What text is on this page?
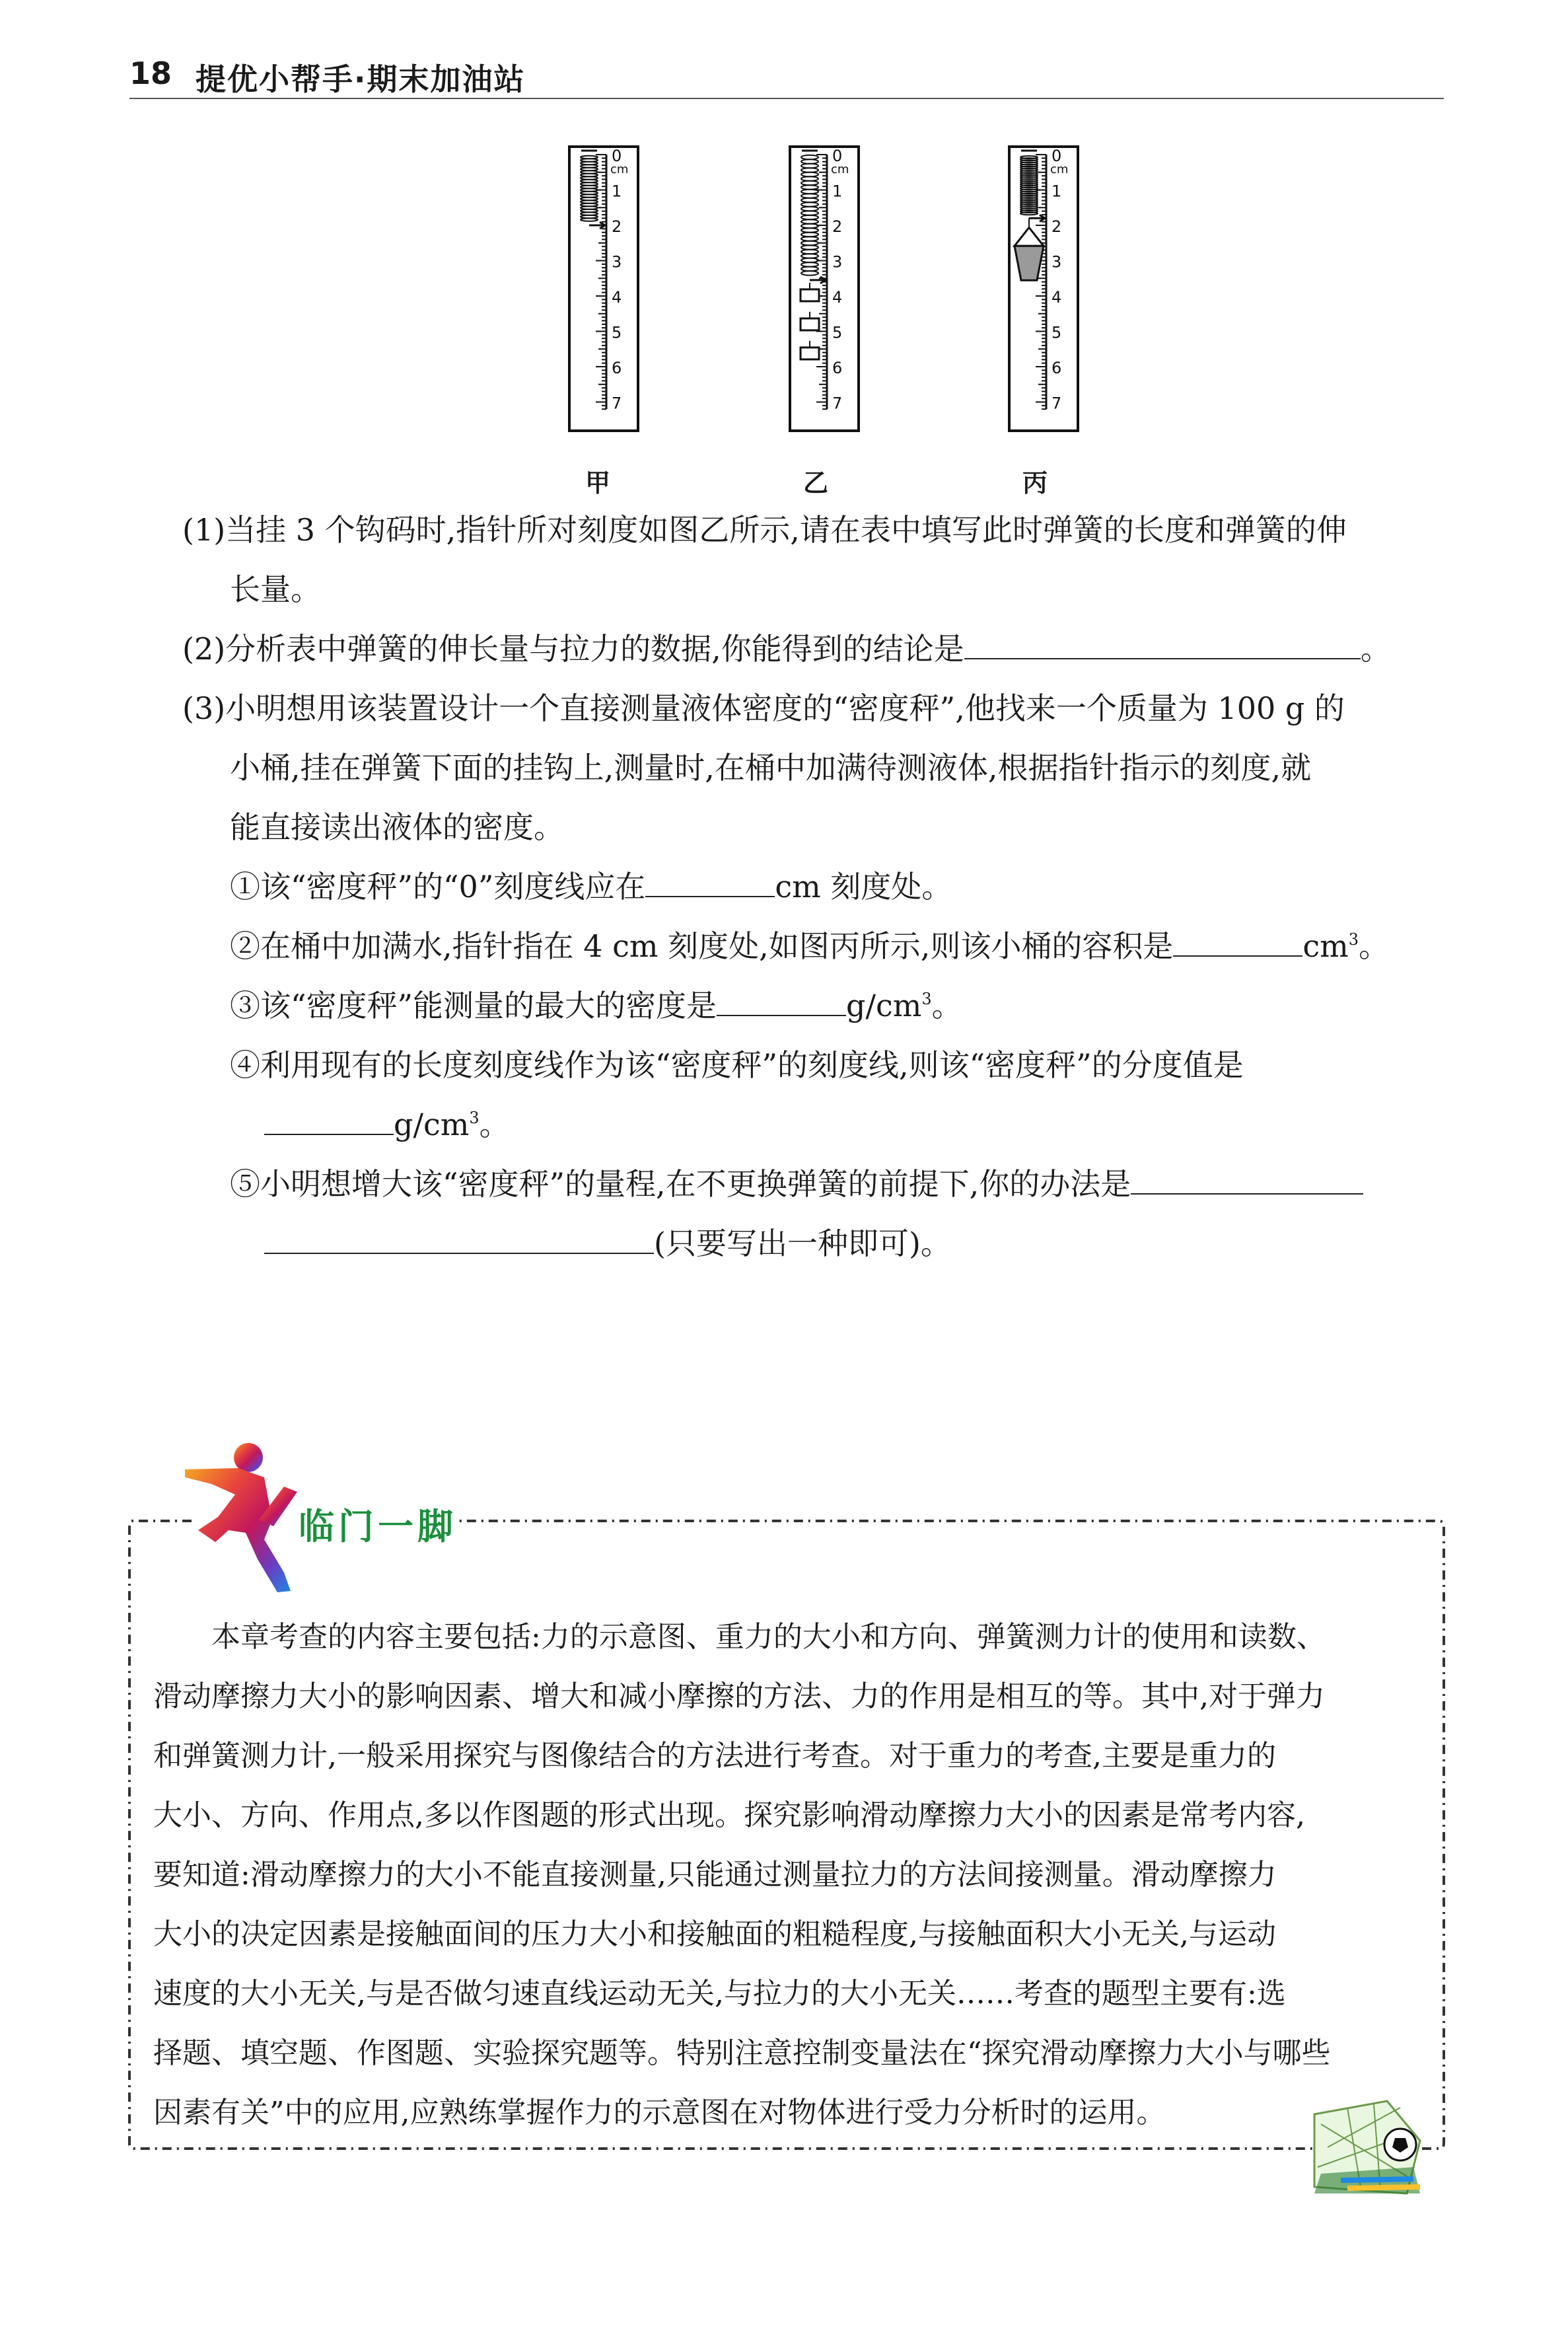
18 提优小帮手·期末加油站
0
1
2
3
4
5
6
7
cm
0
1
2
3
4
5
6
7
cm
0
1
2
3
4
5
6
7
cm
甲	乙	丙
(1)当挂 3 个钩码时,指针所对刻度如图乙所示,请在表中填写此时弹簧的长度和弹簧的伸
长量。
(2)分析表中弹簧的伸长量与拉力的数据,你能得到的结论是	。
(3)小明想用该装置设计一个直接测量液体密度的“密度秤”,他找来一个质量为 100 g 的
小桶,挂在弹簧下面的挂钩上,测量时,在桶中加满待测液体,根据指针指示的刻度,就
能直接读出液体的密度。
①该“密度秤”的“0”刻度线应在	cm 刻度处。
②在桶中加满水,指针指在 4 cm 刻度处,如图丙所示,则该小桶的容积是	$cm^3$。
③该“密度秤”能测量的最大的密度是	$g/cm^3$。
④利用现有的长度刻度线作为该“密度秤”的刻度线,则该“密度秤”的分度值是
$g/cm^3$。
⑤小明想增大该“密度秤”的量程,在不更换弹簧的前提下,你的办法是
(只要写出一种即可)。
临门一脚
本章考查的内容主要包括:力的示意图、重力的大小和方向、弹簧测力计的使用和读数、
滑动摩擦力大小的影响因素、增大和减小摩擦的方法、力的作用是相互的等。其中,对于弹力
和弹簧测力计,一般采用探究与图像结合的方法进行考查。对于重力的考查,主要是重力的
大小、方向、作用点,多以作图题的形式出现。探究影响滑动摩擦力大小的因素是常考内容,
要知道:滑动摩擦力的大小不能直接测量,只能通过测量拉力的方法间接测量。滑动摩擦力
大小的决定因素是接触面间的压力大小和接触面的粗糙程度,与接触面积大小无关,与运动
速度的大小无关,与是否做匀速直线运动无关,与拉力的大小无关……考查的题型主要有:选
择题、填空题、作图题、实验探究题等。特别注意控制变量法在“探究滑动摩擦力大小与哪些
因素有关”中的应用,应熟练掌握作力的示意图在对物体进行受力分析时的运用。
